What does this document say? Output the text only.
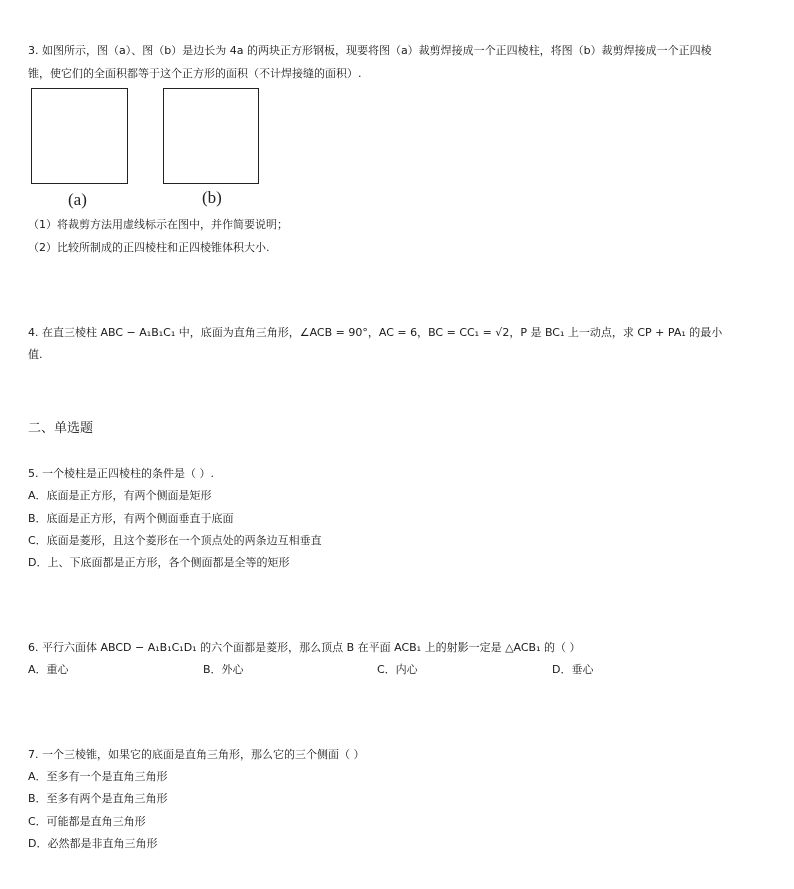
3. 如图所示，图（a）、图（b）是边长为 4a 的两块正方形钢板，现要将图（a）裁剪焊接成一个正四棱柱，将图（b）裁剪焊接成一个正四棱
锥，使它们的全面积都等于这个正方形的面积（不计焊接缝的面积）.
(a)	(b)
（1）将裁剪方法用虚线标示在图中，并作简要说明；
（2）比较所制成的正四棱柱和正四棱锥体积大小.
4. 在直三棱柱 ABC − A₁B₁C₁ 中，底面为直角三角形，∠ACB = 90°，AC = 6，BC = CC₁ = √2，P 是 BC₁ 上一动点，求 CP + PA₁ 的最小
值.
二、单选题
5. 一个棱柱是正四棱柱的条件是（ ）.
A．底面是正方形，有两个侧面是矩形
B．底面是正方形，有两个侧面垂直于底面
C．底面是菱形，且这个菱形在一个顶点处的两条边互相垂直
D．上、下底面都是正方形，各个侧面都是全等的矩形
6. 平行六面体 ABCD − A₁B₁C₁D₁ 的六个面都是菱形，那么顶点 B 在平面 ACB₁ 上的射影一定是 △ACB₁ 的（ ）
A．重心	B．外心	C．内心	D．垂心
7. 一个三棱锥，如果它的底面是直角三角形，那么它的三个侧面（ ）
A．至多有一个是直角三角形
B．至多有两个是直角三角形
C．可能都是直角三角形
D．必然都是非直角三角形
